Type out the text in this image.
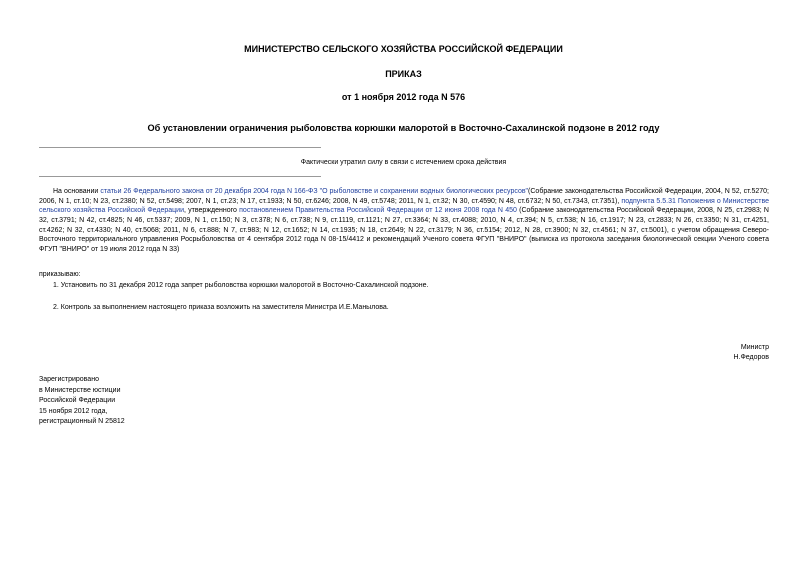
МИНИСТЕРСТВО СЕЛЬСКОГО ХОЗЯЙСТВА РОССИЙСКОЙ ФЕДЕРАЦИИ
ПРИКАЗ
от 1 ноября 2012 года N 576
Об установлении ограничения рыболовства корюшки малоротой в Восточно-Сахалинской подзоне в 2012 году
Фактически утратил силу в связи с истечением срока действия

На основании статьи 26 Федерального закона от 20 декабря 2004 года N 166-ФЗ "О рыболовстве и сохранении водных биологических ресурсов"(Собрание законодательства Российской Федерации, 2004, N 52, ст.5270; 2006, N 1, ст.10; N 23, ст.2380; N 52, ст.5498; 2007, N 1, ст.23; N 17, ст.1933; N 50, ст.6246; 2008, N 49, ст.5748; 2011, N 1, ст.32; N 30, ст.4590; N 48, ст.6732; N 50, ст.7343, ст.7351), подпункта 5.5.31 Положения о Министерстве сельского хозяйства Российской Федерации, утвержденного постановлением Правительства Российской Федерации от 12 июня 2008 года N 450 (Собрание законодательства Российской Федерации, 2008, N 25, ст.2983; N 32, ст.3791; N 42, ст.4825; N 46, ст.5337; 2009, N 1, ст.150; N 3, ст.378; N 6, ст.738; N 9, ст.1119, ст.1121; N 27, ст.3364; N 33, ст.4088; 2010, N 4, ст.394; N 5, ст.538; N 16, ст.1917; N 23, ст.2833; N 26, ст.3350; N 31, ст.4251, ст.4262; N 32, ст.4330; N 40, ст.5068; 2011, N 6, ст.888; N 7, ст.983; N 12, ст.1652; N 14, ст.1935; N 18, ст.2649; N 22, ст.3179; N 36, ст.5154; 2012, N 28, ст.3900; N 32, ст.4561; N 37, ст.5001), с учетом обращения Северо-Восточного территориального управления Росрыболовства от 4 сентября 2012 года N 08-15/4412 и рекомендаций Ученого совета ФГУП "ВНИРО" (выписка из протокола заседания биологической секции Ученого совета ФГУП "ВНИРО" от 19 июля 2012 года N 33)

приказываю:
1. Установить по 31 декабря 2012 года запрет рыболовства корюшки малоротой в Восточно-Сахалинской подзоне.
2. Контроль за выполнением настоящего приказа возложить на заместителя Министра И.Е.Манылова.
Министр
Н.Федоров
Зарегистрировано
в Министерстве юстиции
Российской Федерации
15 ноября 2012 года,
регистрационный N 25812
